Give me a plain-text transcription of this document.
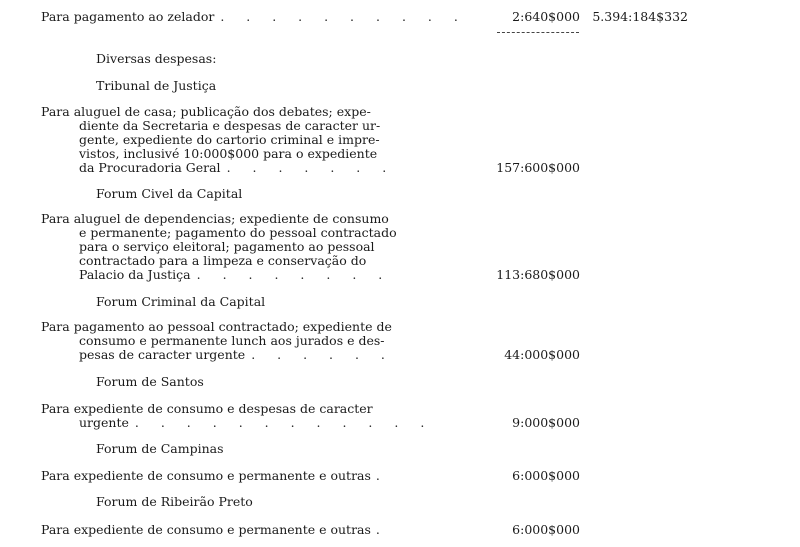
Para pagamento ao zelador . . . . . . . . . .	2:640$000 5.394:184$332
Diversas despesas:
Tribunal de Justiça
Para aluguel de casa; publicação dos debates; expe-
diente da Secretaria e despesas de caracter ur-
gente, expediente do cartorio criminal e impre-
vistos, inclusivé 10:000$000 para o expediente
da Procuradoria Geral . . . . . . .	157:600$000
Forum Civel da Capital
Para aluguel de dependencias; expediente de consumo
e permanente; pagamento do pessoal contractado
para o serviço eleitoral; pagamento ao pessoal
contractado para a limpeza e conservação do
Palacio da Justiça . . . . . . . .	113:680$000
Forum Criminal da Capital
Para pagamento ao pessoal contractado; expediente de
consumo e permanente lunch aos jurados e des-
pesas de caracter urgente . . . . . .	44:000$000
Forum de Santos
Para expediente de consumo e despesas de caracter
urgente . . . . . . . . . . . .	9:000$000
Forum de Campinas
Para expediente de consumo e permanente e outras .	6:000$000
Forum de Ribeirão Preto
Para expediente de consumo e permanente e outras .	6:000$000
